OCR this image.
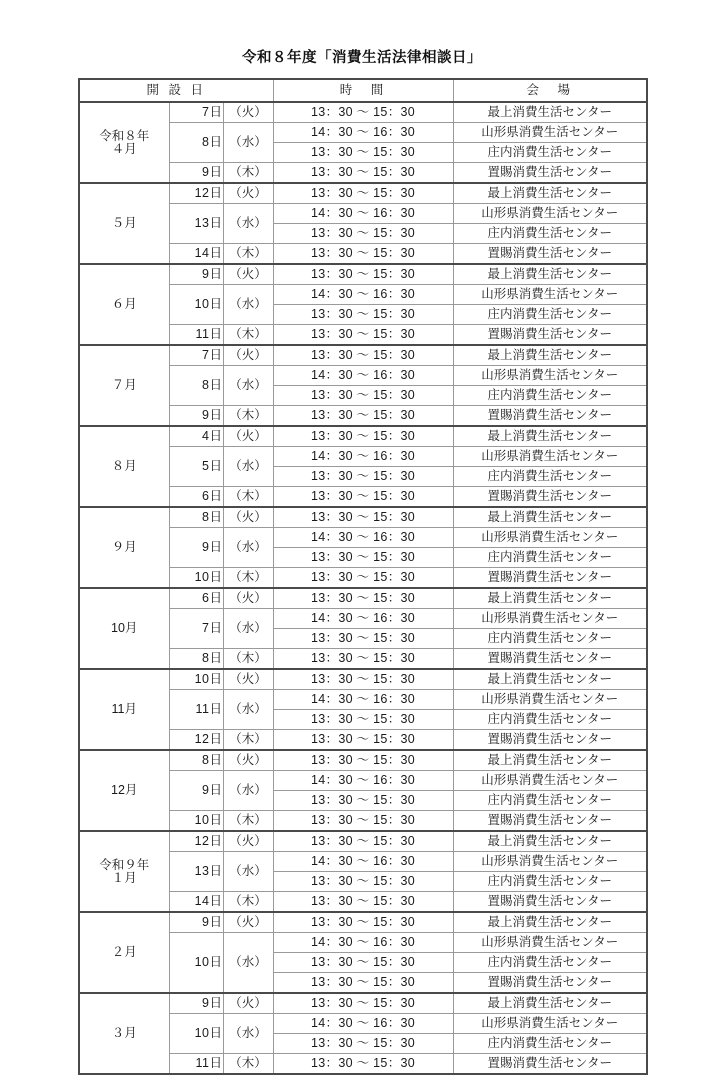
令和８年度「消費生活法律相談日」
開 設 日			時　間	会　場
令和８年
４月	7日	（火）	13：30 ～ 15：30	最上消費生活センター
	8日	（水）	14：30 ～ 16：30	山形県消費生活センター
			13：30 ～ 15：30	庄内消費生活センター
	9日	（木）	13：30 ～ 15：30	置賜消費生活センター
５月	12日	（火）	13：30 ～ 15：30	最上消費生活センター
	13日	（水）	14：30 ～ 16：30	山形県消費生活センター
			13：30 ～ 15：30	庄内消費生活センター
	14日	（木）	13：30 ～ 15：30	置賜消費生活センター
６月	9日	（火）	13：30 ～ 15：30	最上消費生活センター
	10日	（水）	14：30 ～ 16：30	山形県消費生活センター
			13：30 ～ 15：30	庄内消費生活センター
	11日	（木）	13：30 ～ 15：30	置賜消費生活センター
７月	7日	（火）	13：30 ～ 15：30	最上消費生活センター
	8日	（水）	14：30 ～ 16：30	山形県消費生活センター
			13：30 ～ 15：30	庄内消費生活センター
	9日	（木）	13：30 ～ 15：30	置賜消費生活センター
８月	4日	（火）	13：30 ～ 15：30	最上消費生活センター
	5日	（水）	14：30 ～ 16：30	山形県消費生活センター
			13：30 ～ 15：30	庄内消費生活センター
	6日	（木）	13：30 ～ 15：30	置賜消費生活センター
９月	8日	（火）	13：30 ～ 15：30	最上消費生活センター
	9日	（水）	14：30 ～ 16：30	山形県消費生活センター
			13：30 ～ 15：30	庄内消費生活センター
	10日	（木）	13：30 ～ 15：30	置賜消費生活センター
10月	6日	（火）	13：30 ～ 15：30	最上消費生活センター
	7日	（水）	14：30 ～ 16：30	山形県消費生活センター
			13：30 ～ 15：30	庄内消費生活センター
	8日	（木）	13：30 ～ 15：30	置賜消費生活センター
11月	10日	（火）	13：30 ～ 15：30	最上消費生活センター
	11日	（水）	14：30 ～ 16：30	山形県消費生活センター
			13：30 ～ 15：30	庄内消費生活センター
	12日	（木）	13：30 ～ 15：30	置賜消費生活センター
12月	8日	（火）	13：30 ～ 15：30	最上消費生活センター
	9日	（水）	14：30 ～ 16：30	山形県消費生活センター
			13：30 ～ 15：30	庄内消費生活センター
	10日	（木）	13：30 ～ 15：30	置賜消費生活センター
令和９年
１月	12日	（火）	13：30 ～ 15：30	最上消費生活センター
	13日	（水）	14：30 ～ 16：30	山形県消費生活センター
			13：30 ～ 15：30	庄内消費生活センター
	14日	（木）	13：30 ～ 15：30	置賜消費生活センター
２月	9日	（火）	13：30 ～ 15：30	最上消費生活センター
	10日	（水）	14：30 ～ 16：30	山形県消費生活センター
			13：30 ～ 15：30	庄内消費生活センター
			13：30 ～ 15：30	置賜消費生活センター
３月	9日	（火）	13：30 ～ 15：30	最上消費生活センター
	10日	（水）	14：30 ～ 16：30	山形県消費生活センター
			13：30 ～ 15：30	庄内消費生活センター
	11日	（木）	13：30 ～ 15：30	置賜消費生活センター
